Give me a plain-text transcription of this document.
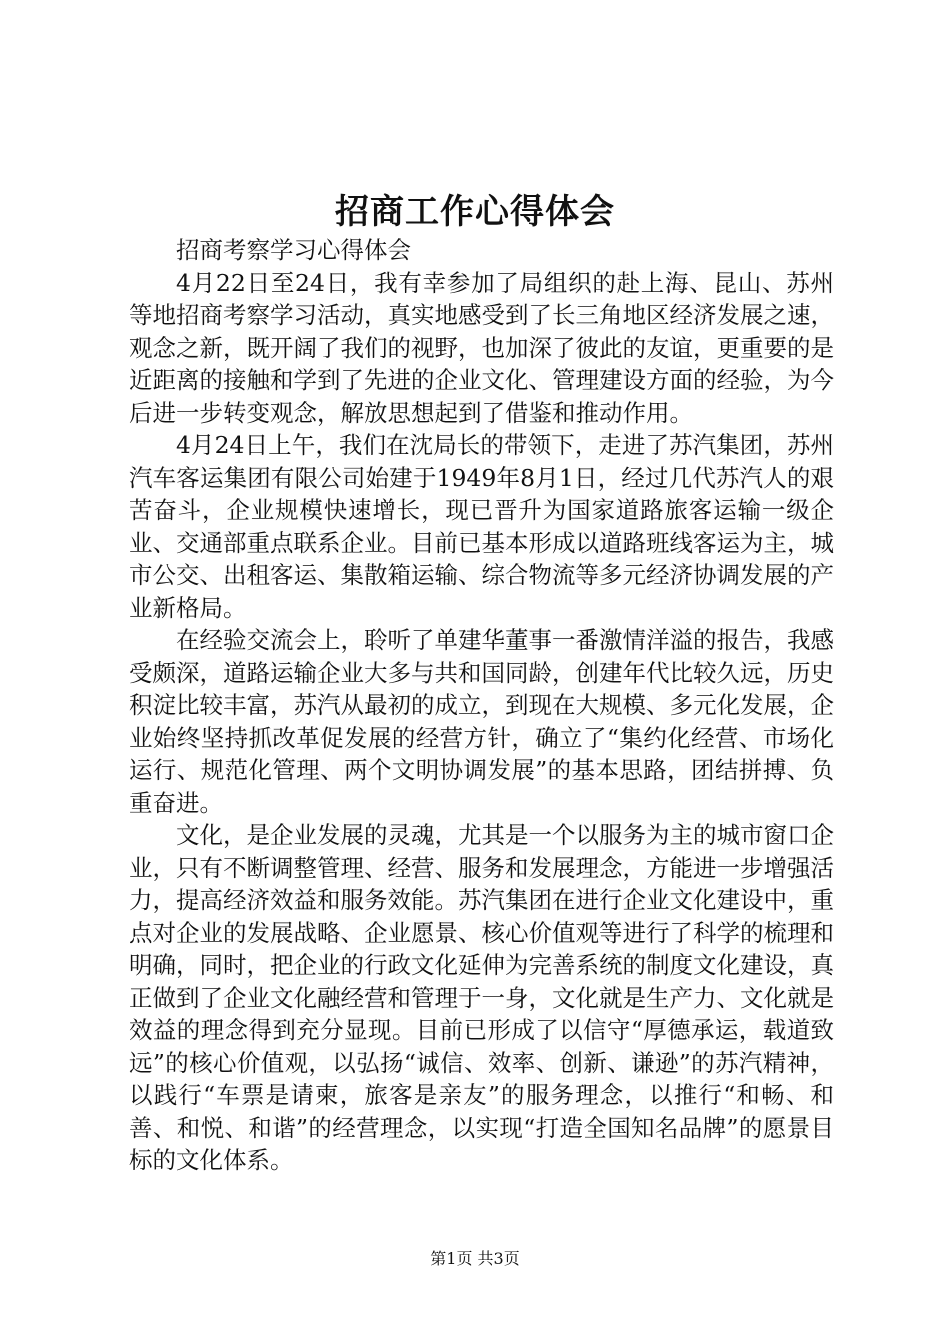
招商工作心得体会

招商考察学习心得体会

4月22日至24日，我有幸参加了局组织的赴上海、昆山、苏州等地招商考察学习活动，真实地感受到了长三角地区经济发展之速，观念之新，既开阔了我们的视野，也加深了彼此的友谊，更重要的是近距离的接触和学到了先进的企业文化、管理建设方面的经验，为今后进一步转变观念，解放思想起到了借鉴和推动作用。

4月24日上午，我们在沈局长的带领下，走进了苏汽集团，苏州汽车客运集团有限公司始建于1949年8月1日，经过几代苏汽人的艰苦奋斗，企业规模快速增长，现已晋升为国家道路旅客运输一级企业、交通部重点联系企业。目前已基本形成以道路班线客运为主，城市公交、出租客运、集散箱运输、综合物流等多元经济协调发展的产业新格局。

在经验交流会上，聆听了单建华董事一番激情洋溢的报告，我感受颇深，道路运输企业大多与共和国同龄，创建年代比较久远，历史积淀比较丰富，苏汽从最初的成立，到现在大规模、多元化发展，企业始终坚持抓改革促发展的经营方针，确立了“集约化经营、市场化运行、规范化管理、两个文明协调发展”的基本思路，团结拼搏、负重奋进。

文化，是企业发展的灵魂，尤其是一个以服务为主的城市窗口企业，只有不断调整管理、经营、服务和发展理念，方能进一步增强活力，提高经济效益和服务效能。苏汽集团在进行企业文化建设中，重点对企业的发展战略、企业愿景、核心价值观等进行了科学的梳理和明确，同时，把企业的行政文化延伸为完善系统的制度文化建设，真正做到了企业文化融经营和管理于一身，文化就是生产力、文化就是效益的理念得到充分显现。目前已形成了以信守“厚德承运，载道致远”的核心价值观，以弘扬“诚信、效率、创新、谦逊”的苏汽精神，以践行“车票是请柬，旅客是亲友”的服务理念，以推行“和畅、和善、和悦、和谐”的经营理念，以实现“打造全国知名品牌”的愿景目标的文化体系。

第1页 共3页
